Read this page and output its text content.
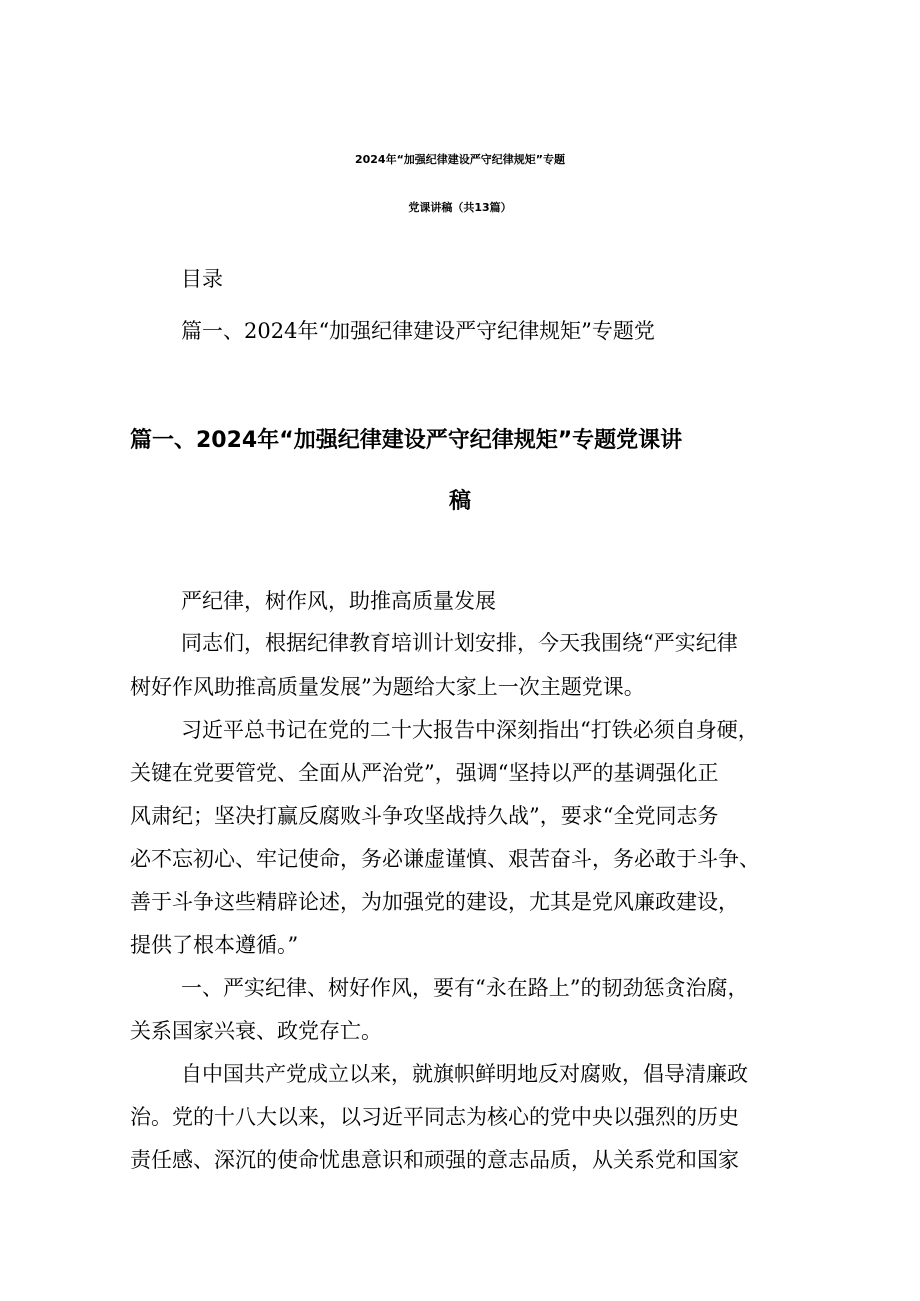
2024年“加强纪律建设严守纪律规矩”专题
党课讲稿（共13篇）
目录
篇一、2024年“加强纪律建设严守纪律规矩”专题党
篇一、2024年“加强纪律建设严守纪律规矩”专题党课讲
稿
严纪律，树作风，助推高质量发展
同志们，根据纪律教育培训计划安排，今天我围绕“严实纪律
树好作风助推高质量发展”为题给大家上一次主题党课。
习近平总书记在党的二十大报告中深刻指出“打铁必须自身硬，
关键在党要管党、全面从严治党”，强调“坚持以严的基调强化正
风肃纪；坚决打赢反腐败斗争攻坚战持久战”，要求“全党同志务
必不忘初心、牢记使命，务必谦虚谨慎、艰苦奋斗，务必敢于斗争、
善于斗争这些精辟论述，为加强党的建设，尤其是党风廉政建设，
提供了根本遵循。”
一、严实纪律、树好作风，要有“永在路上”的韧劲惩贪治腐，
关系国家兴衰、政党存亡。
自中国共产党成立以来，就旗帜鲜明地反对腐败，倡导清廉政
治。党的十八大以来，以习近平同志为核心的党中央以强烈的历史
责任感、深沉的使命忧患意识和顽强的意志品质，从关系党和国家
